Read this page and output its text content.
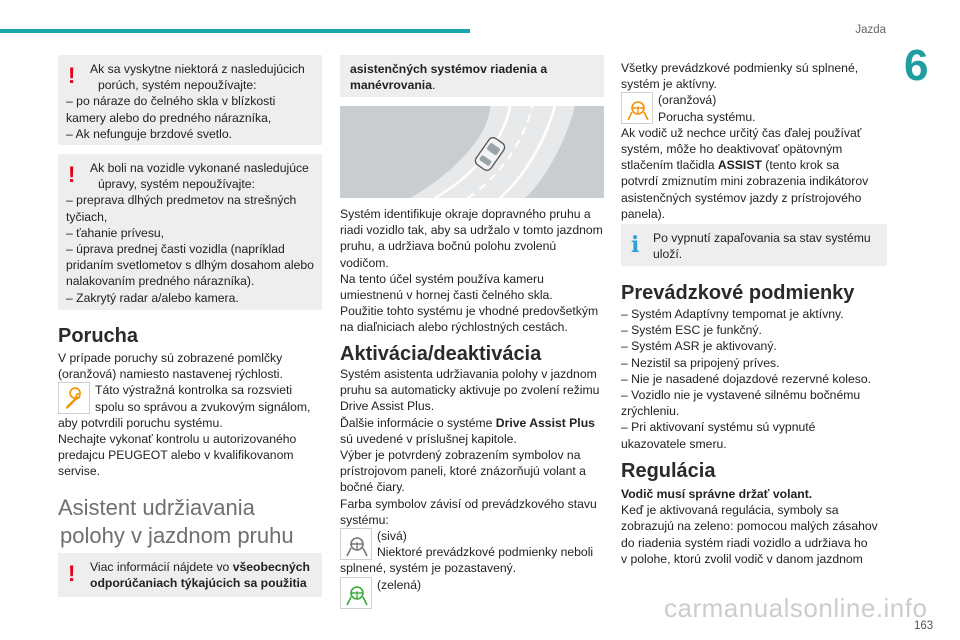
Jazda
6
! Ak sa vyskytne niektorá z nasledujúcich
porúch, systém nepoužívajte:
– po náraze do čelného skla v blízkosti
kamery alebo do predného nárazníka,
– Ak nefunguje brzdové svetlo.
! Ak boli na vozidle vykonané nasledujúce
úpravy, systém nepoužívajte:
– preprava dlhých predmetov na strešných
tyčiach,
– ťahanie prívesu,
– úprava prednej časti vozidla (napríklad
pridaním svetlometov s dlhým dosahom alebo
nalakovaním predného nárazníka).
– Zakrytý radar a/alebo kamera.
Porucha
V prípade poruchy sú zobrazené pomlčky
(oranžová) namiesto nastavenej rýchlosti.
Táto výstražná kontrolka sa rozsvieti
spolu so správou a zvukovým signálom,
aby potvrdili poruchu systému.
Nechajte vykonať kontrolu u autorizovaného
predajcu PEUGEOT alebo v kvalifikovanom
servise.
Asistent udržiavania
polohy v jazdnom pruhu
! Viac informácií nájdete vo všeobecných
odporúčaniach týkajúcich sa použitia
asistenčných systémov riadenia a
manévrovania.
Systém identifikuje okraje dopravného pruhu a
riadi vozidlo tak, aby sa udržalo v tomto jazdnom
pruhu, a udržiava bočnú polohu zvolenú
vodičom.
Na tento účel systém používa kameru
umiestnenú v hornej časti čelného skla.
Použitie tohto systému je vhodné predovšetkým
na diaľniciach alebo rýchlostných cestách.
Aktivácia/deaktivácia
Systém asistenta udržiavania polohy v jazdnom
pruhu sa automaticky aktivuje po zvolení režimu
Drive Assist Plus.
Ďalšie informácie o systéme Drive Assist Plus
sú uvedené v príslušnej kapitole.
Výber je potvrdený zobrazením symbolov na
prístrojovom paneli, ktoré znázorňujú volant a
bočné čiary.
Farba symbolov závisí od prevádzkového stavu
systému:
(sivá)
Niektoré prevádzkové podmienky neboli
splnené, systém je pozastavený.
(zelená)
Všetky prevádzkové podmienky sú splnené,
systém je aktívny.
(oranžová)
Porucha systému.
Ak vodič už nechce určitý čas ďalej používať
systém, môže ho deaktivovať opätovným
stlačením tlačidla ASSIST (tento krok sa
potvrdí zmiznutím mini zobrazenia indikátorov
asistenčných systémov jazdy z prístrojového
panela).
i Po vypnutí zapaľovania sa stav systému
uloží.
Prevádzkové podmienky
– Systém Adaptívny tempomat je aktívny.
– Systém ESC je funkčný.
– Systém ASR je aktivovaný.
– Nezistil sa pripojený príves.
– Nie je nasadené dojazdové rezervné koleso.
– Vozidlo nie je vystavené silnému bočnému
zrýchleniu.
– Pri aktivovaní systému sú vypnuté
ukazovatele smeru.
Regulácia
Vodič musí správne držať volant.
Keď je aktivovaná regulácia, symboly sa
zobrazujú na zeleno: pomocou malých zásahov
do riadenia systém riadi vozidlo a udržiava ho
v polohe, ktorú zvolil vodič v danom jazdnom
carmanualsonline.info
163
